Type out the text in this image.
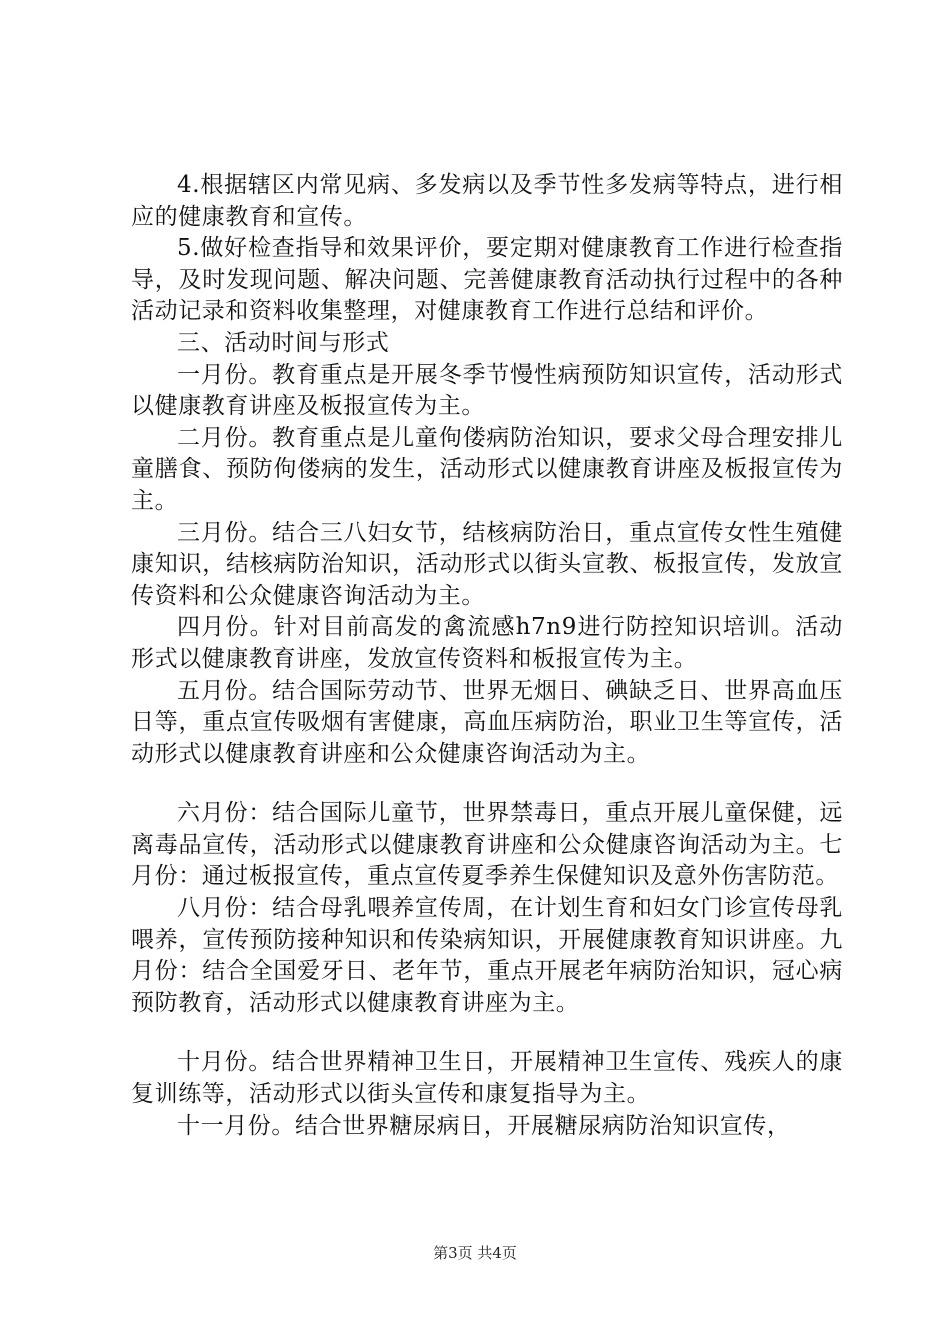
4.根据辖区内常见病、多发病以及季节性多发病等特点，进行相应的健康教育和宣传。

5.做好检查指导和效果评价，要定期对健康教育工作进行检查指导，及时发现问题、解决问题、完善健康教育活动执行过程中的各种活动记录和资料收集整理，对健康教育工作进行总结和评价。

三、活动时间与形式

一月份。教育重点是开展冬季节慢性病预防知识宣传，活动形式以健康教育讲座及板报宣传为主。

二月份。教育重点是儿童佝偻病防治知识，要求父母合理安排儿童膳食、预防佝偻病的发生，活动形式以健康教育讲座及板报宣传为主。

三月份。结合三八妇女节，结核病防治日，重点宣传女性生殖健康知识，结核病防治知识，活动形式以街头宣教、板报宣传，发放宣传资料和公众健康咨询活动为主。

四月份。针对目前高发的禽流感h7n9进行防控知识培训。活动形式以健康教育讲座，发放宣传资料和板报宣传为主。

五月份。结合国际劳动节、世界无烟日、碘缺乏日、世界高血压日等，重点宣传吸烟有害健康，高血压病防治，职业卫生等宣传，活动形式以健康教育讲座和公众健康咨询活动为主。

六月份：结合国际儿童节，世界禁毒日，重点开展儿童保健，远离毒品宣传，活动形式以健康教育讲座和公众健康咨询活动为主。七月份：通过板报宣传，重点宣传夏季养生保健知识及意外伤害防范。

八月份：结合母乳喂养宣传周，在计划生育和妇女门诊宣传母乳喂养，宣传预防接种知识和传染病知识，开展健康教育知识讲座。九月份：结合全国爱牙日、老年节，重点开展老年病防治知识，冠心病预防教育，活动形式以健康教育讲座为主。

十月份。结合世界精神卫生日，开展精神卫生宣传、残疾人的康复训练等，活动形式以街头宣传和康复指导为主。

十一月份。结合世界糖尿病日，开展糖尿病防治知识宣传，

第3页 共4页
